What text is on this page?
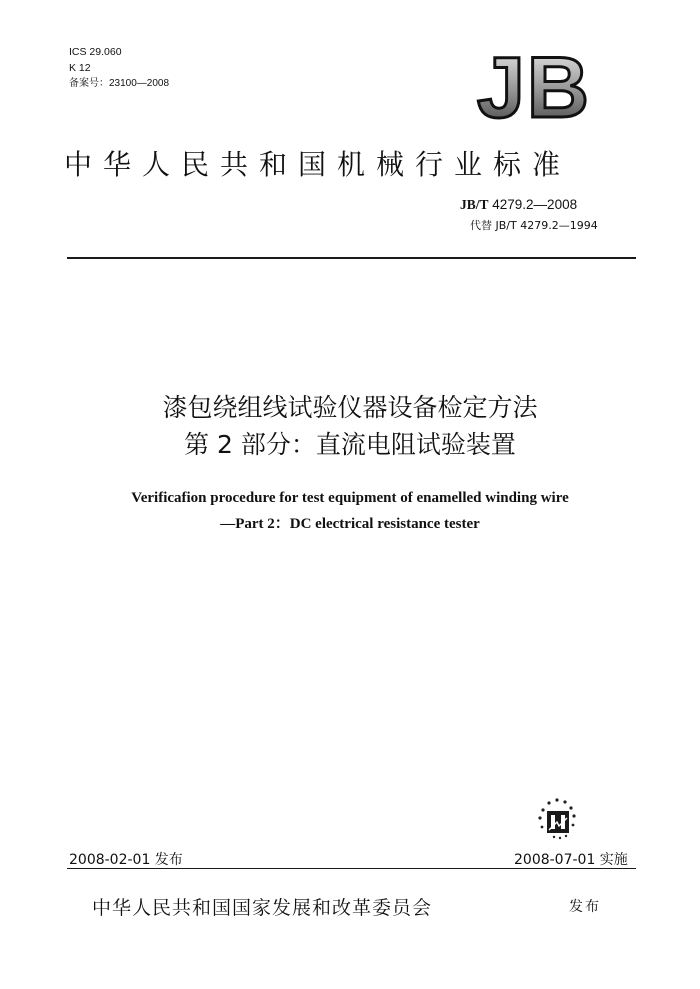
ICS 29.060
K 12
备案号：23100—2008	JB
中华人民共和国机械行业标准
JB/T 4279.2—2008
代替 JB/T 4279.2—1994
漆包绕组线试验仪器设备检定方法
第 2 部分：直流电阻试验装置
Verificafion procedure for test equipment of enamelled winding wire
—Part 2：DC electrical resistance tester
2008-02-01 发布	2008-07-01 实施
中华人民共和国国家发展和改革委员会	发布
